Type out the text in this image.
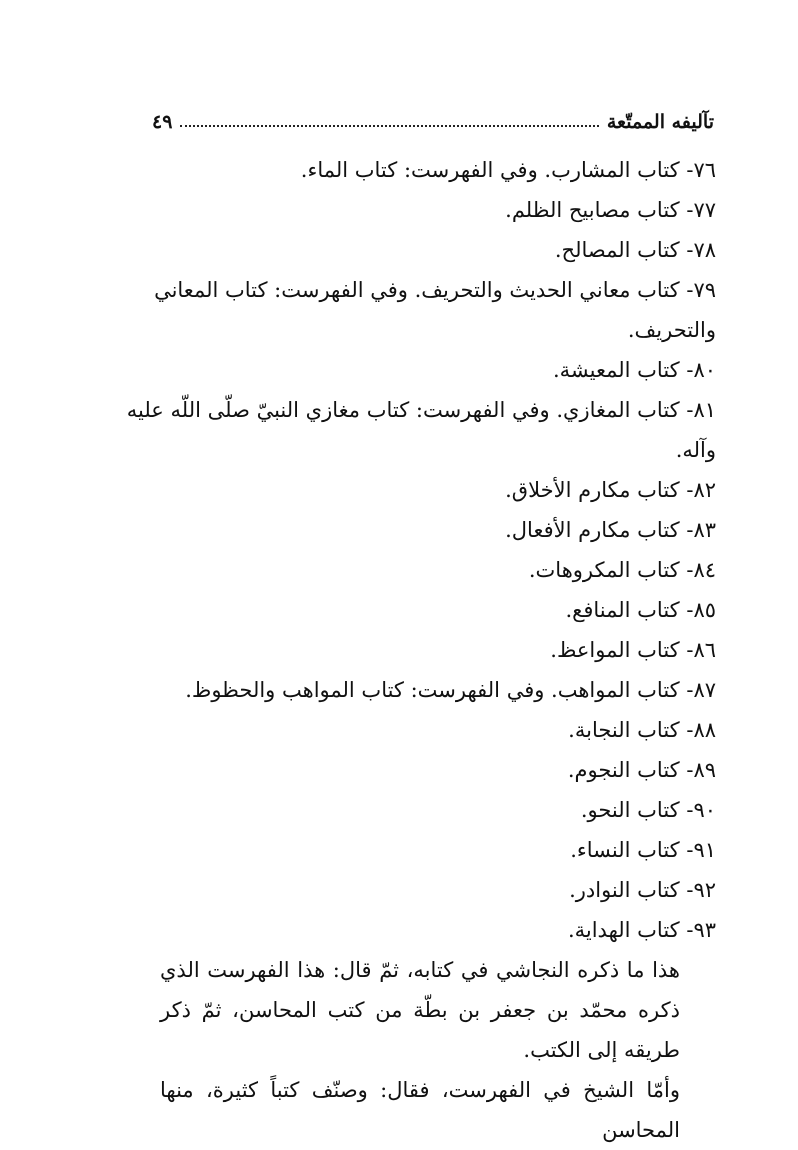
تآليفه الممتّعة
٤٩
٧٦- كتاب المشارب. وفي الفهرست: كتاب الماء.
٧٧- كتاب مصابيح الظلم.
٧٨- كتاب المصالح.
٧٩- كتاب معاني الحديث والتحريف. وفي الفهرست: كتاب المعاني
والتحريف.
٨٠- كتاب المعيشة.
٨١- كتاب المغازي. وفي الفهرست: كتاب مغازي النبيّ صلّى اللّه عليه
وآله.
٨٢- كتاب مكارم الأخلاق.
٨٣- كتاب مكارم الأفعال.
٨٤- كتاب المكروهات.
٨٥- كتاب المنافع.
٨٦- كتاب المواعظ.
٨٧- كتاب المواهب. وفي الفهرست: كتاب المواهب والحظوظ.
٨٨- كتاب النجابة.
٨٩- كتاب النجوم.
٩٠- كتاب النحو.
٩١- كتاب النساء.
٩٢- كتاب النوادر.
٩٣- كتاب الهداية.
هذا ما ذكره النجاشي في كتابه، ثمّ قال: هذا الفهرست الذي ذكره محمّد بن جعفر بن بطّة من كتب المحاسن، ثمّ ذكر طريقه إلى الكتب.
وأمّا الشيخ في الفهرست، فقال: وصنّف كتباً كثيرة، منها المحاسن
